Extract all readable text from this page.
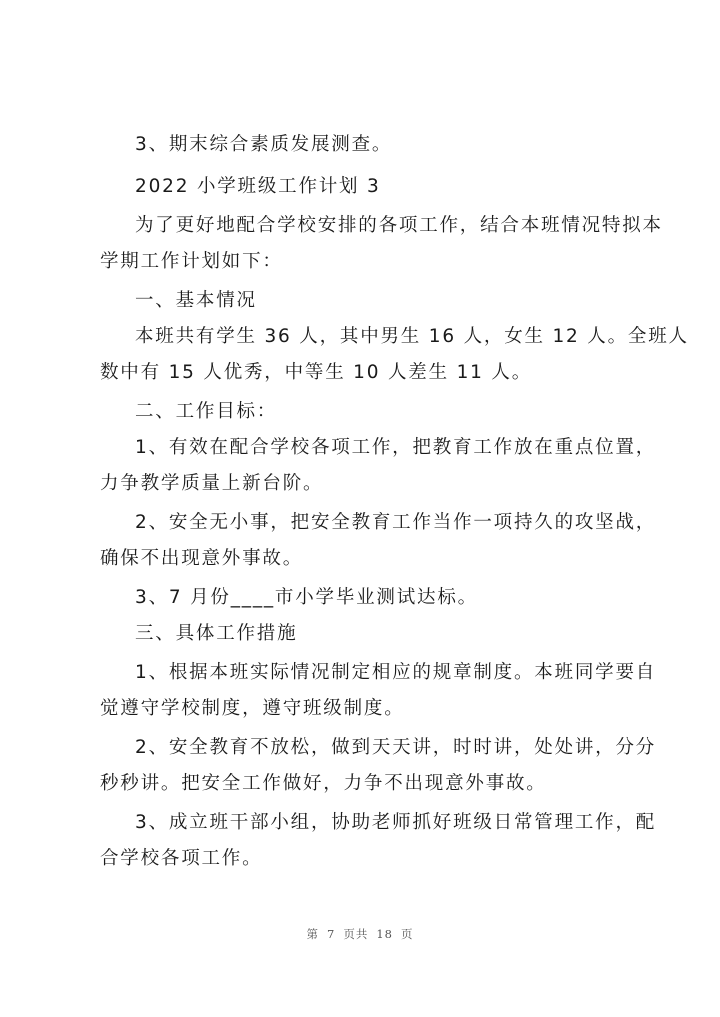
3、期末综合素质发展测查。
2022 小学班级工作计划 3
为了更好地配合学校安排的各项工作，结合本班情况特拟本
学期工作计划如下：
一、基本情况
本班共有学生 36 人，其中男生 16 人，女生 12 人。全班人
数中有 15 人优秀，中等生 10 人差生 11 人。
二、工作目标：
1、有效在配合学校各项工作，把教育工作放在重点位置，
力争教学质量上新台阶。
2、安全无小事，把安全教育工作当作一项持久的攻坚战，
确保不出现意外事故。
3、7 月份____市小学毕业测试达标。
三、具体工作措施
1、根据本班实际情况制定相应的规章制度。本班同学要自
觉遵守学校制度，遵守班级制度。
2、安全教育不放松，做到天天讲，时时讲，处处讲，分分
秒秒讲。把安全工作做好，力争不出现意外事故。
3、成立班干部小组，协助老师抓好班级日常管理工作，配
合学校各项工作。
第 7 页共 18 页
